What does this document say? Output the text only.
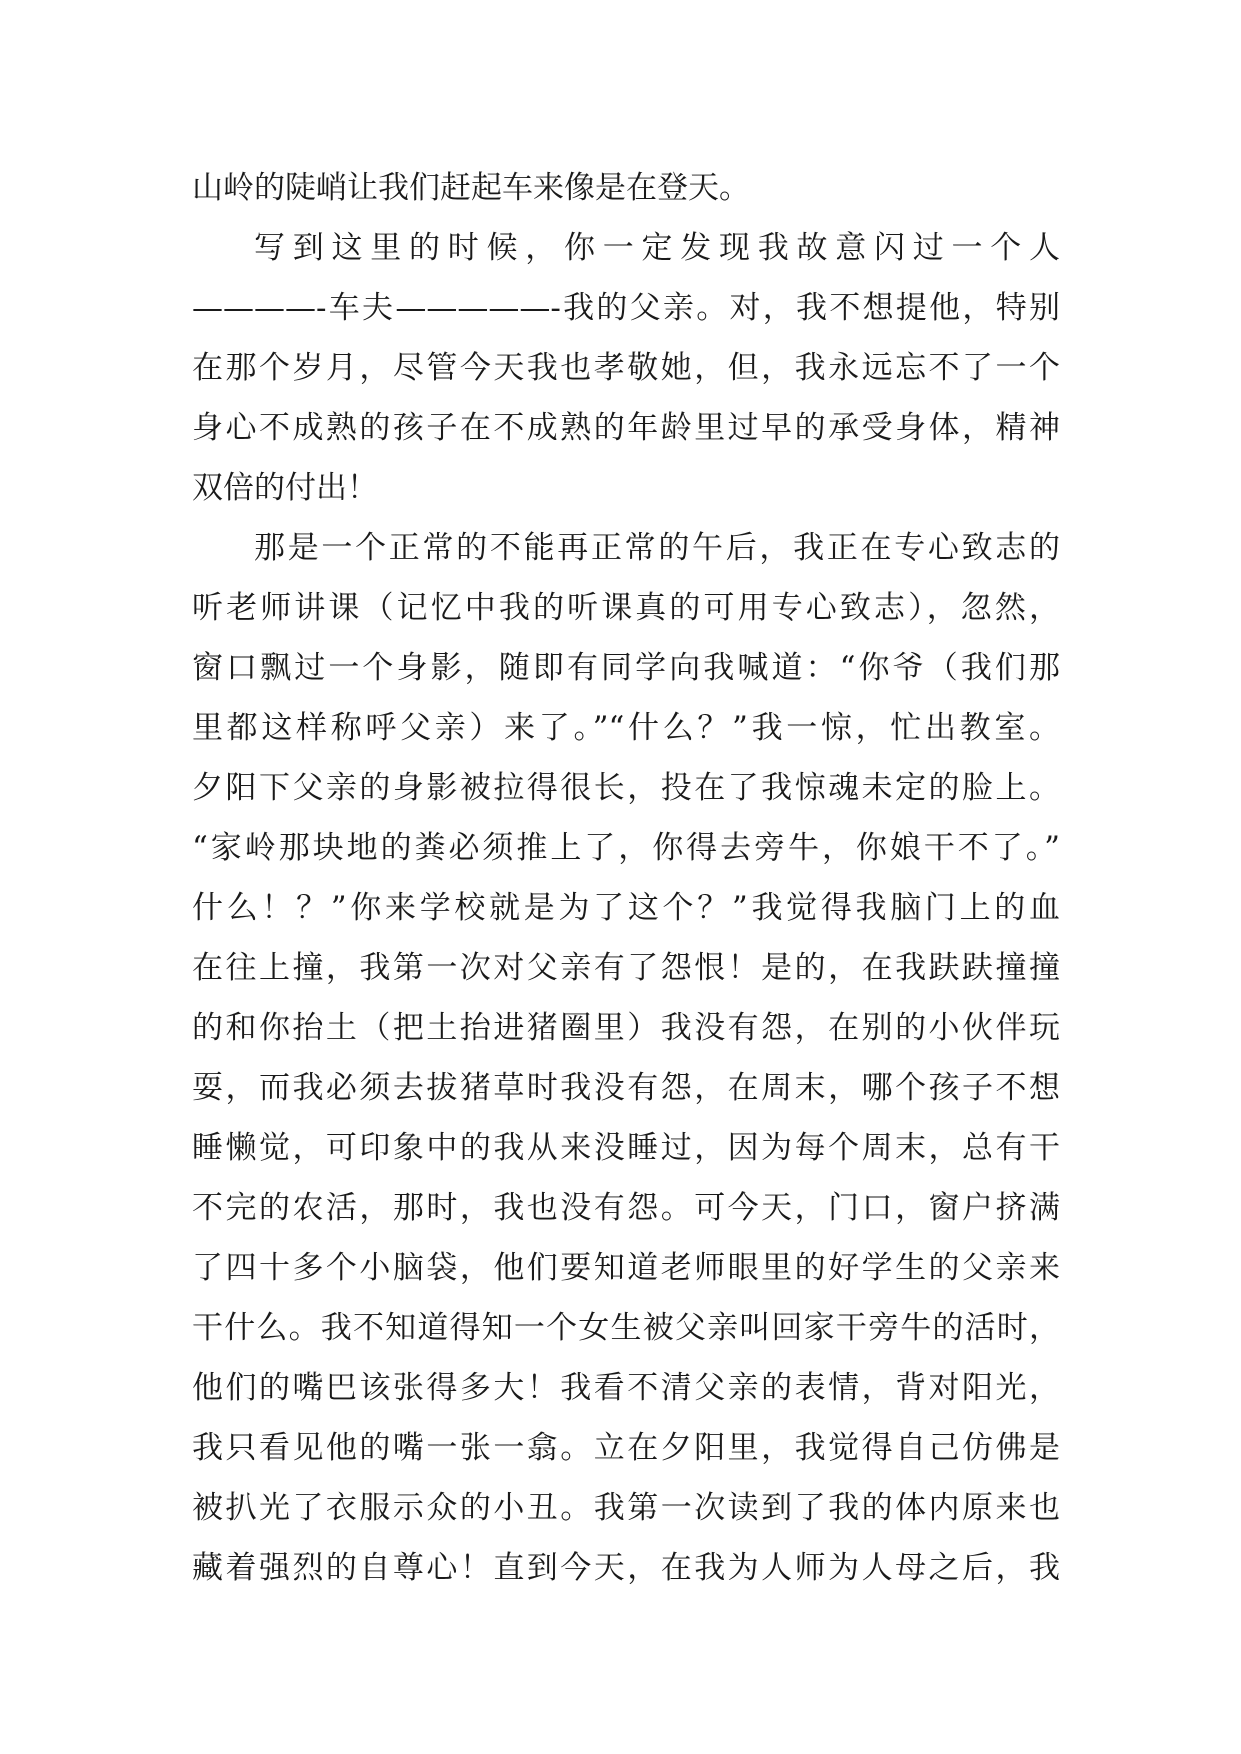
山岭的陡峭让我们赶起车来像是在登天。
写到这里的时候，你一定发现我故意闪过一个人
————-车夫—————-我的父亲。对，我不想提他，特别
在那个岁月，尽管今天我也孝敬她，但，我永远忘不了一个
身心不成熟的孩子在不成熟的年龄里过早的承受身体，精神
双倍的付出！
那是一个正常的不能再正常的午后，我正在专心致志的
听老师讲课（记忆中我的听课真的可用专心致志），忽然，
窗口飘过一个身影，随即有同学向我喊道：“你爷（我们那
里都这样称呼父亲）来了。”“什么？”我一惊，忙出教室。
夕阳下父亲的身影被拉得很长，投在了我惊魂未定的脸上。
“家岭那块地的粪必须推上了，你得去旁牛，你娘干不了。”
什么！？”你来学校就是为了这个？”我觉得我脑门上的血
在往上撞，我第一次对父亲有了怨恨！是的，在我趺趺撞撞
的和你抬土（把土抬进猪圈里）我没有怨，在别的小伙伴玩
耍，而我必须去拔猪草时我没有怨，在周末，哪个孩子不想
睡懒觉，可印象中的我从来没睡过，因为每个周末，总有干
不完的农活，那时，我也没有怨。可今天，门口，窗户挤满
了四十多个小脑袋，他们要知道老师眼里的好学生的父亲来
干什么。我不知道得知一个女生被父亲叫回家干旁牛的活时，
他们的嘴巴该张得多大！我看不清父亲的表情，背对阳光，
我只看见他的嘴一张一翕。立在夕阳里，我觉得自己仿佛是
被扒光了衣服示众的小丑。我第一次读到了我的体内原来也
藏着强烈的自尊心！直到今天，在我为人师为人母之后，我
